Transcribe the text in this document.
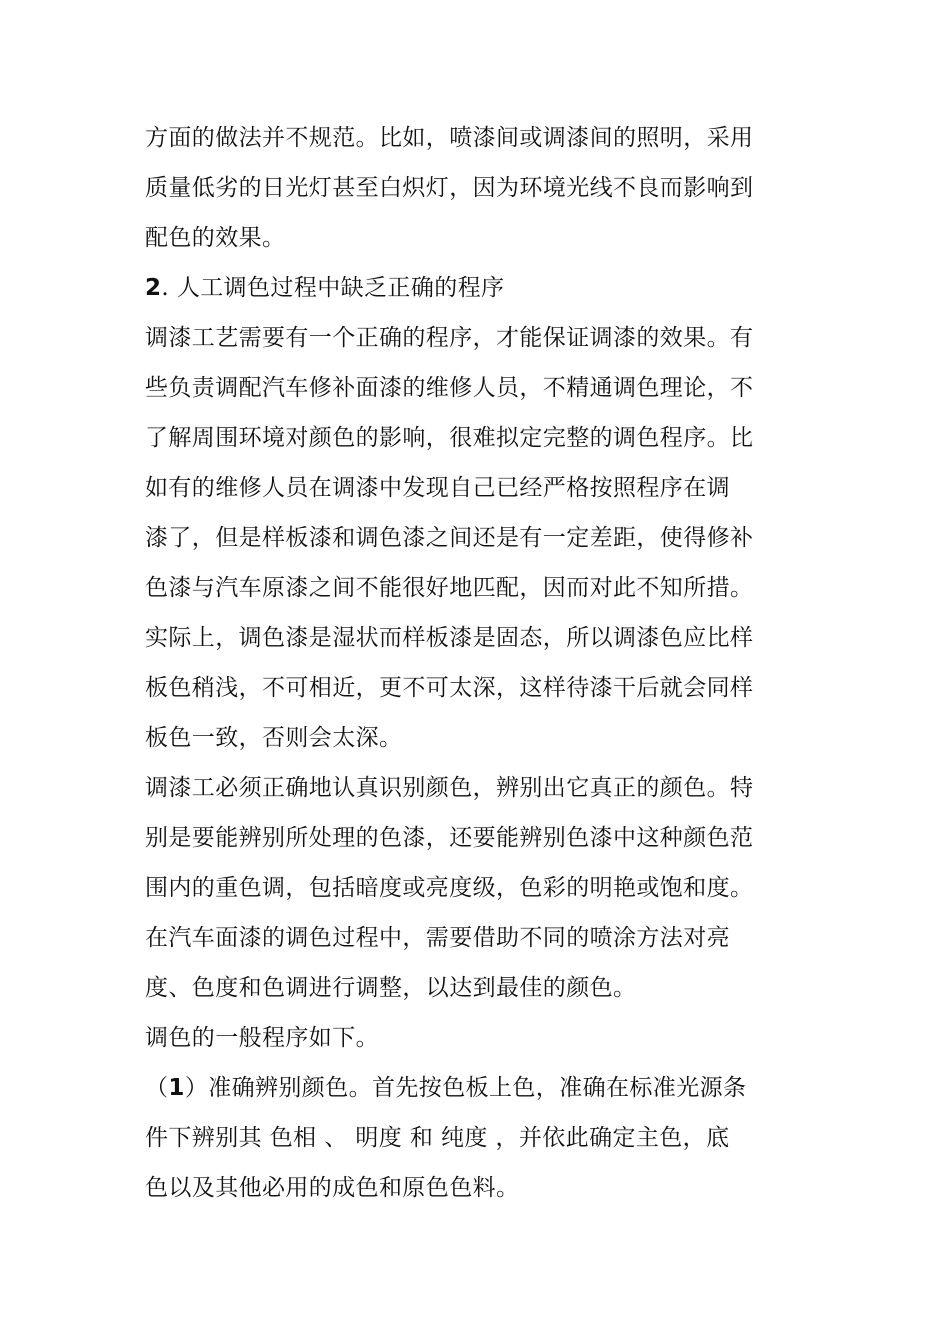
方面的做法并不规范。比如，喷漆间或调漆间的照明，采用
质量低劣的日光灯甚至白炽灯，因为环境光线不良而影响到
配色的效果。

2. 人工调色过程中缺乏正确的程序

调漆工艺需要有一个正确的程序，才能保证调漆的效果。有
些负责调配汽车修补面漆的维修人员，不精通调色理论，不
了解周围环境对颜色的影响，很难拟定完整的调色程序。比
如有的维修人员在调漆中发现自己已经严格按照程序在调
漆了，但是样板漆和调色漆之间还是有一定差距，使得修补
色漆与汽车原漆之间不能很好地匹配，因而对此不知所措。
实际上，调色漆是湿状而样板漆是固态，所以调漆色应比样
板色稍浅，不可相近，更不可太深，这样待漆干后就会同样
板色一致，否则会太深。

调漆工必须正确地认真识别颜色，辨别出它真正的颜色。特
别是要能辨别所处理的色漆，还要能辨别色漆中这种颜色范
围内的重色调，包括暗度或亮度级，色彩的明艳或饱和度。
在汽车面漆的调色过程中，需要借助不同的喷涂方法对亮
度、色度和色调进行调整，以达到最佳的颜色。

调色的一般程序如下。

（1）准确辨别颜色。首先按色板上色，准确在标准光源条
件下辨别其 色相 、 明度 和 纯度 ，并依此确定主色，底
色以及其他必用的成色和原色色料。
